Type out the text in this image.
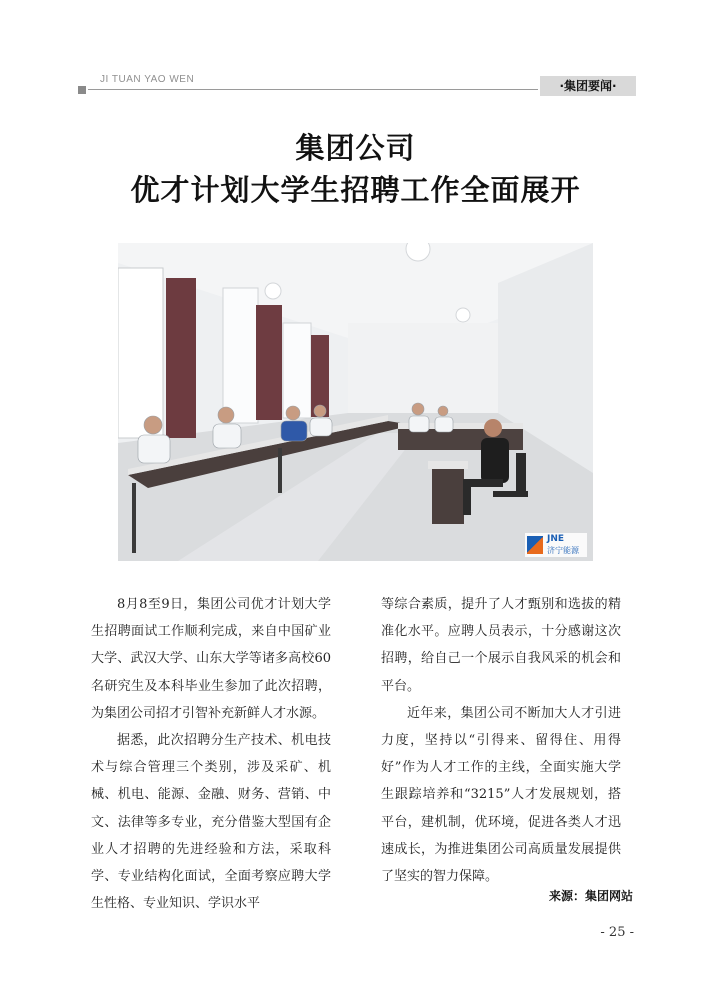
JI TUAN YAO WEN	·集团要闻·
集团公司
优才计划大学生招聘工作全面展开
JNE
济宁能源

8月8至9日，集团公司优才计划大学生招聘面试工作顺利完成，来自中国矿业大学、武汉大学、山东大学等诸多高校60名研究生及本科毕业生参加了此次招聘，为集团公司招才引智补充新鲜人才水源。

据悉，此次招聘分生产技术、机电技术与综合管理三个类别，涉及采矿、机械、机电、能源、金融、财务、营销、中文、法律等多专业，充分借鉴大型国有企业人才招聘的先进经验和方法，采取科学、专业结构化面试，全面考察应聘大学生性格、专业知识、学识水平

等综合素质，提升了人才甄别和选拔的精准化水平。应聘人员表示，十分感谢这次招聘，给自己一个展示自我风采的机会和平台。

近年来，集团公司不断加大人才引进力度，坚持以“引得来、留得住、用得好”作为人才工作的主线，全面实施大学生跟踪培养和“3215”人才发展规划，搭平台，建机制，优环境，促进各类人才迅速成长，为推进集团公司高质量发展提供了坚实的智力保障。

来源：集团网站
- 25 -
